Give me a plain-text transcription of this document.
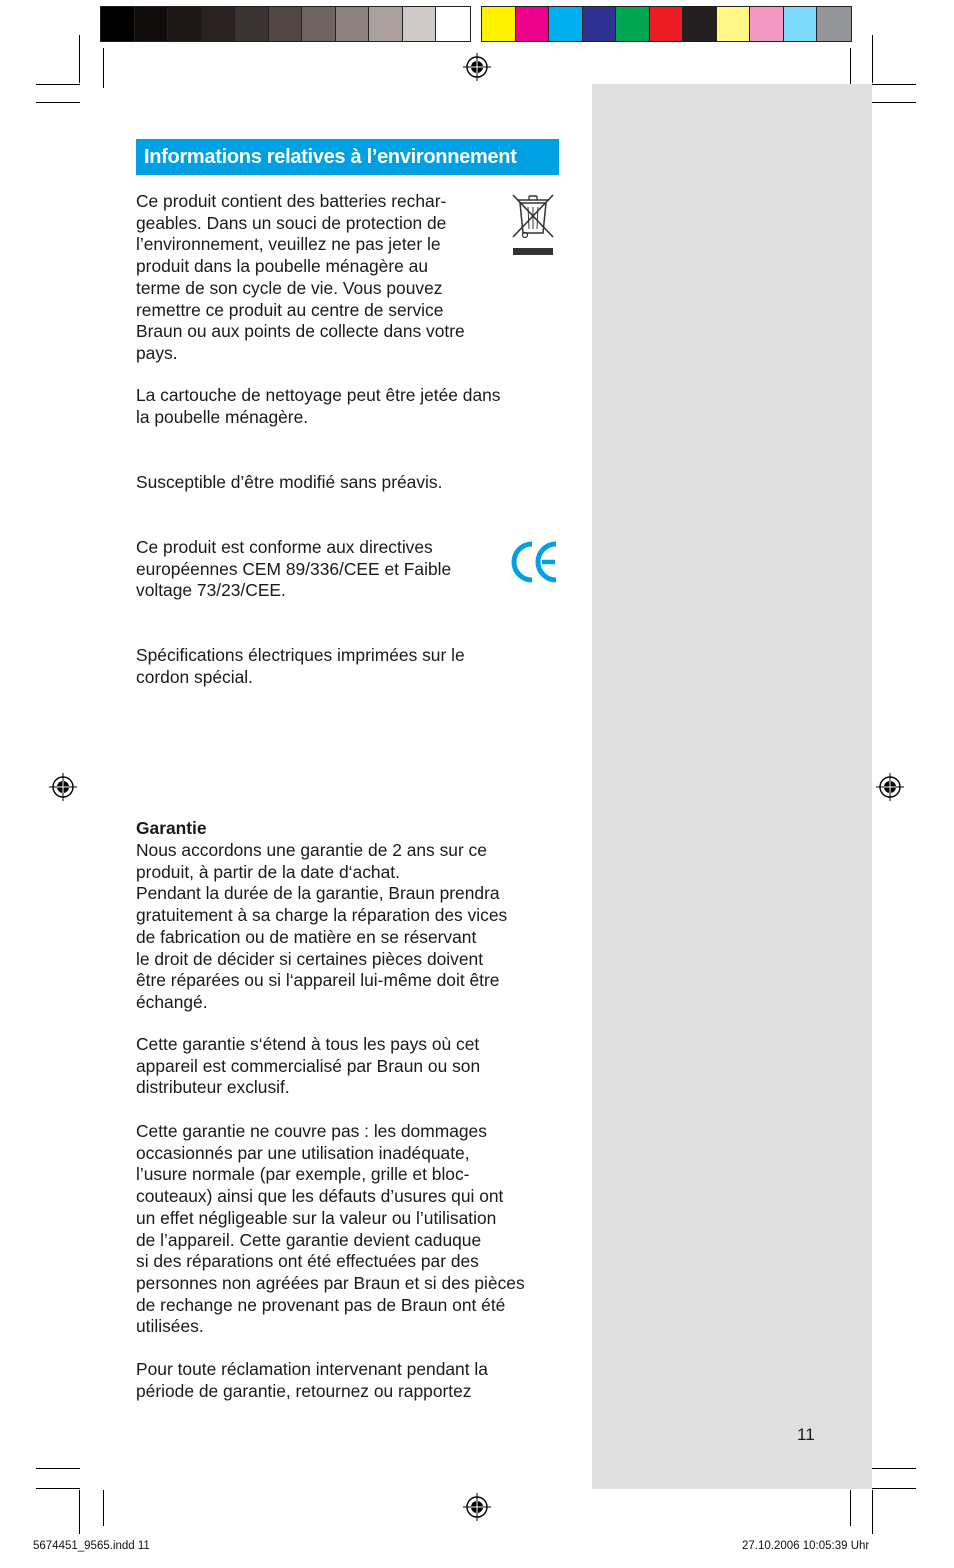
Informations relatives à l’environnement
Ce produit contient des batteries rechar-
geables. Dans un souci de protection de
l’environnement, veuillez ne pas jeter le
produit dans la poubelle ménagère au
terme de son cycle de vie. Vous pouvez
remettre ce produit au centre de service
Braun ou aux points de collecte dans votre
pays.
La cartouche de nettoyage peut être jetée dans
la poubelle ménagère.
Susceptible d’être modifié sans préavis.
Ce produit est conforme aux directives
européennes CEM 89/336/CEE et Faible
voltage 73/23/CEE.
Spécifications électriques imprimées sur le
cordon spécial.
Garantie
Nous accordons une garantie de 2 ans sur ce
produit, à partir de la date d‘achat.
Pendant la durée de la garantie, Braun prendra
gratuitement à sa charge la réparation des vices
de fabrication ou de matière en se réservant
le droit de décider si certaines pièces doivent
être réparées ou si l‘appareil lui-même doit être
échangé.
Cette garantie s‘étend à tous les pays où cet
appareil est commercialisé par Braun ou son
distributeur exclusif.
Cette garantie ne couvre pas : les dommages
occasionnés par une utilisation inadéquate,
l’usure normale (par exemple, grille et bloc-
couteaux) ainsi que les défauts d’usures qui ont
un effet négligeable sur la valeur ou l’utilisation
de l’appareil. Cette garantie devient caduque
si des réparations ont été effectuées par des
personnes non agréées par Braun et si des pièces
de rechange ne provenant pas de Braun ont été
utilisées.
Pour toute réclamation intervenant pendant la
période de garantie, retournez ou rapportez
11
5674451_9565.indd 11	27.10.2006 10:05:39 Uhr
